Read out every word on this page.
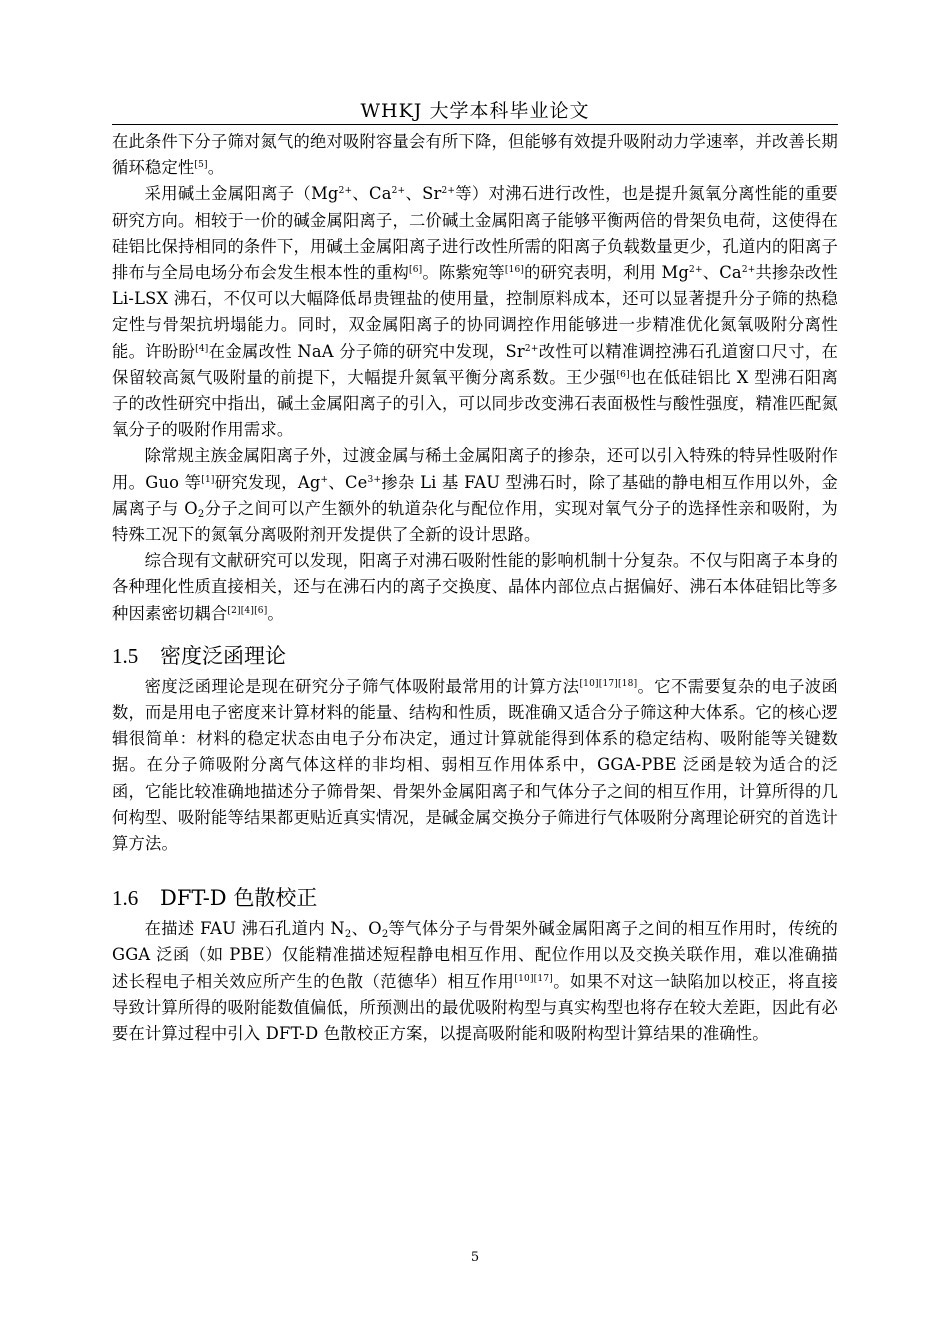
WHKJ 大学本科毕业论文

在此条件下分子筛对氮气的绝对吸附容量会有所下降，但能够有效提升吸附动力学速率，并改善长期循环稳定性[5]。

采用碱土金属阳离子（$Mg^{2+}$、$Ca^{2+}$、$Sr^{2+}$等）对沸石进行改性，也是提升氮氧分离性能的重要研究方向。相较于一价的碱金属阳离子，二价碱土金属阳离子能够平衡两倍的骨架负电荷，这使得在硅铝比保持相同的条件下，用碱土金属阳离子进行改性所需的阳离子负载数量更少，孔道内的阳离子排布与全局电场分布会发生根本性的重构[6]。陈紫宛等[16]的研究表明，利用 $Mg^{2+}$、$Ca^{2+}$共掺杂改性 Li-LSX 沸石，不仅可以大幅降低昂贵锂盐的使用量，控制原料成本，还可以显著提升分子筛的热稳定性与骨架抗坍塌能力。同时，双金属阳离子的协同调控作用能够进一步精准优化氮氧吸附分离性能。许盼盼[4]在金属改性 NaA 分子筛的研究中发现，$Sr^{2+}$改性可以精准调控沸石孔道窗口尺寸，在保留较高氮气吸附量的前提下，大幅提升氮氧平衡分离系数。王少强[6]也在低硅铝比 X 型沸石阳离子的改性研究中指出，碱土金属阳离子的引入，可以同步改变沸石表面极性与酸性强度，精准匹配氮氧分子的吸附作用需求。

除常规主族金属阳离子外，过渡金属与稀土金属阳离子的掺杂，还可以引入特殊的特异性吸附作用。Guo 等[1]研究发现，Ag+、$Ce^{3+}$掺杂 Li 基 FAU 型沸石时，除了基础的静电相互作用以外，金属离子与 $O_2$分子之间可以产生额外的轨道杂化与配位作用，实现对氧气分子的选择性亲和吸附，为特殊工况下的氮氧分离吸附剂开发提供了全新的设计思路。

综合现有文献研究可以发现，阳离子对沸石吸附性能的影响机制十分复杂。不仅与阳离子本身的各种理化性质直接相关，还与在沸石内的离子交换度、晶体内部位点占据偏好、沸石本体硅铝比等多种因素密切耦合[2][4][6]。

1.5 密度泛函理论

密度泛函理论是现在研究分子筛气体吸附最常用的计算方法[10][17][18]。它不需要复杂的电子波函数，而是用电子密度来计算材料的能量、结构和性质，既准确又适合分子筛这种大体系。它的核心逻辑很简单：材料的稳定状态由电子分布决定，通过计算就能得到体系的稳定结构、吸附能等关键数据。在分子筛吸附分离气体这样的非均相、弱相互作用体系中，GGA-PBE 泛函是较为适合的泛函，它能比较准确地描述分子筛骨架、骨架外金属阳离子和气体分子之间的相互作用，计算所得的几何构型、吸附能等结果都更贴近真实情况，是碱金属交换分子筛进行气体吸附分离理论研究的首选计算方法。

1.6 DFT-D 色散校正

在描述 FAU 沸石孔道内 $N_2$、$O_2$等气体分子与骨架外碱金属阳离子之间的相互作用时，传统的 GGA 泛函（如 PBE）仅能精准描述短程静电相互作用、配位作用以及交换关联作用，难以准确描述长程电子相关效应所产生的色散（范德华）相互作用[10][17]。如果不对这一缺陷加以校正，将直接导致计算所得的吸附能数值偏低，所预测出的最优吸附构型与真实构型也将存在较大差距，因此有必要在计算过程中引入 DFT-D 色散校正方案，以提高吸附能和吸附构型计算结果的准确性。

5
